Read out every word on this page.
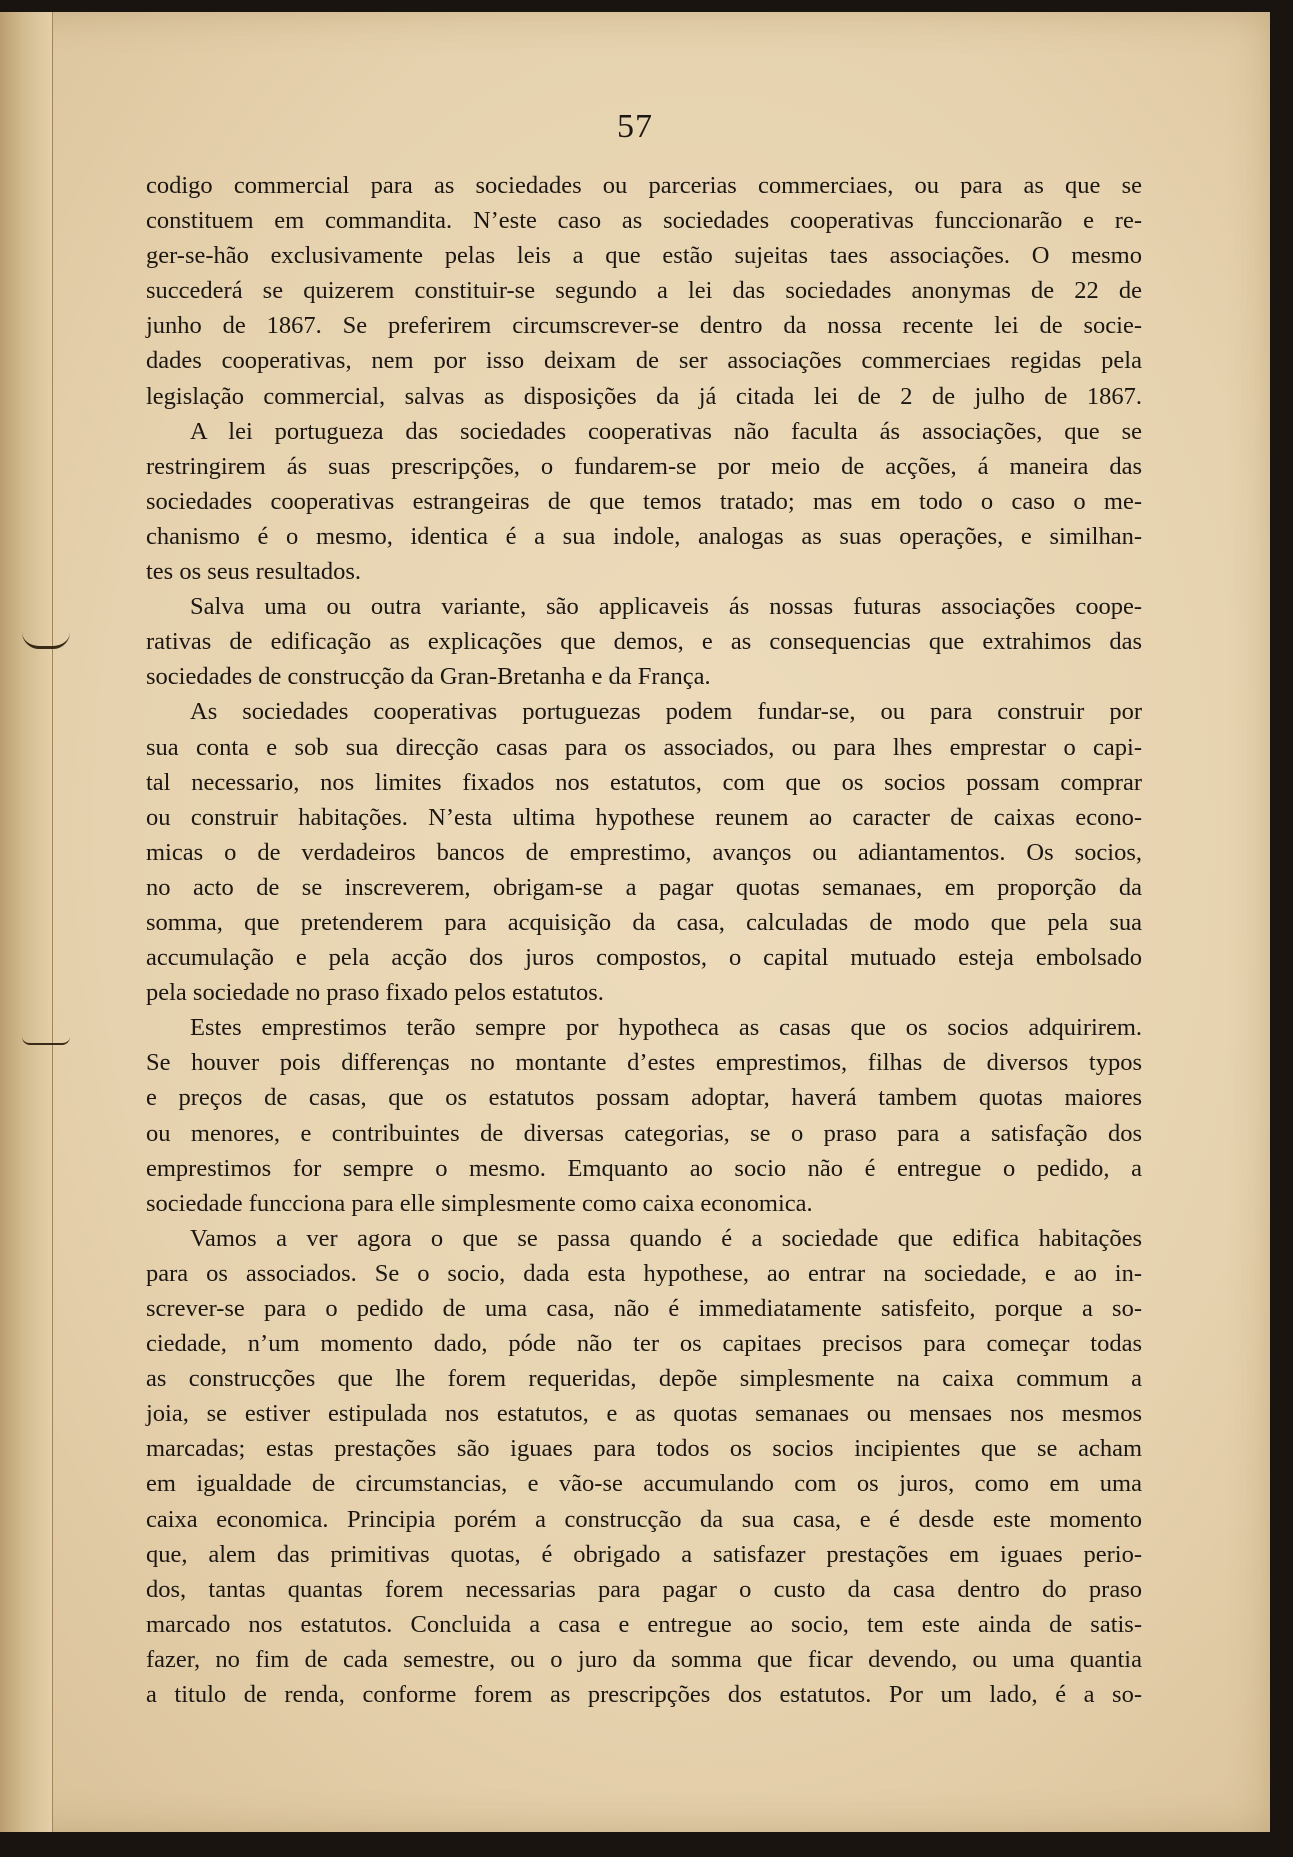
57
codigo commercial para as sociedades ou parcerias commerciaes, ou para as que se
constituem em commandita. N’este caso as sociedades cooperativas funccionarão e re-
ger-se-hão exclusivamente pelas leis a que estão sujeitas taes associações. O mesmo
succederá se quizerem constituir-se segundo a lei das sociedades anonymas de 22 de
junho de 1867. Se preferirem circumscrever-se dentro da nossa recente lei de socie-
dades cooperativas, nem por isso deixam de ser associações commerciaes regidas pela
legislação commercial, salvas as disposições da já citada lei de 2 de julho de 1867.
A lei portugueza das sociedades cooperativas não faculta ás associações, que se
restringirem ás suas prescripções, o fundarem-se por meio de acções, á maneira das
sociedades cooperativas estrangeiras de que temos tratado; mas em todo o caso o me-
chanismo é o mesmo, identica é a sua indole, analogas as suas operações, e similhan-
tes os seus resultados.
Salva uma ou outra variante, são applicaveis ás nossas futuras associações coope-
rativas de edificação as explicações que demos, e as consequencias que extrahimos das
sociedades de construcção da Gran-Bretanha e da França.
As sociedades cooperativas portuguezas podem fundar-se, ou para construir por
sua conta e sob sua direcção casas para os associados, ou para lhes emprestar o capi-
tal necessario, nos limites fixados nos estatutos, com que os socios possam comprar
ou construir habitações. N’esta ultima hypothese reunem ao caracter de caixas econo-
micas o de verdadeiros bancos de emprestimo, avanços ou adiantamentos. Os socios,
no acto de se inscreverem, obrigam-se a pagar quotas semanaes, em proporção da
somma, que pretenderem para acquisição da casa, calculadas de modo que pela sua
accumulação e pela acção dos juros compostos, o capital mutuado esteja embolsado
pela sociedade no praso fixado pelos estatutos.
Estes emprestimos terão sempre por hypotheca as casas que os socios adquirirem.
Se houver pois differenças no montante d’estes emprestimos, filhas de diversos typos
e preços de casas, que os estatutos possam adoptar, haverá tambem quotas maiores
ou menores, e contribuintes de diversas categorias, se o praso para a satisfação dos
emprestimos for sempre o mesmo. Emquanto ao socio não é entregue o pedido, a
sociedade funcciona para elle simplesmente como caixa economica.
Vamos a ver agora o que se passa quando é a sociedade que edifica habitações
para os associados. Se o socio, dada esta hypothese, ao entrar na sociedade, e ao in-
screver-se para o pedido de uma casa, não é immediatamente satisfeito, porque a so-
ciedade, n’um momento dado, póde não ter os capitaes precisos para começar todas
as construcções que lhe forem requeridas, depõe simplesmente na caixa commum a
joia, se estiver estipulada nos estatutos, e as quotas semanaes ou mensaes nos mesmos
marcadas; estas prestações são iguaes para todos os socios incipientes que se acham
em igualdade de circumstancias, e vão-se accumulando com os juros, como em uma
caixa economica. Principia porém a construcção da sua casa, e é desde este momento
que, alem das primitivas quotas, é obrigado a satisfazer prestações em iguaes perio-
dos, tantas quantas forem necessarias para pagar o custo da casa dentro do praso
marcado nos estatutos. Concluida a casa e entregue ao socio, tem este ainda de satis-
fazer, no fim de cada semestre, ou o juro da somma que ficar devendo, ou uma quantia
a titulo de renda, conforme forem as prescripções dos estatutos. Por um lado, é a so-
